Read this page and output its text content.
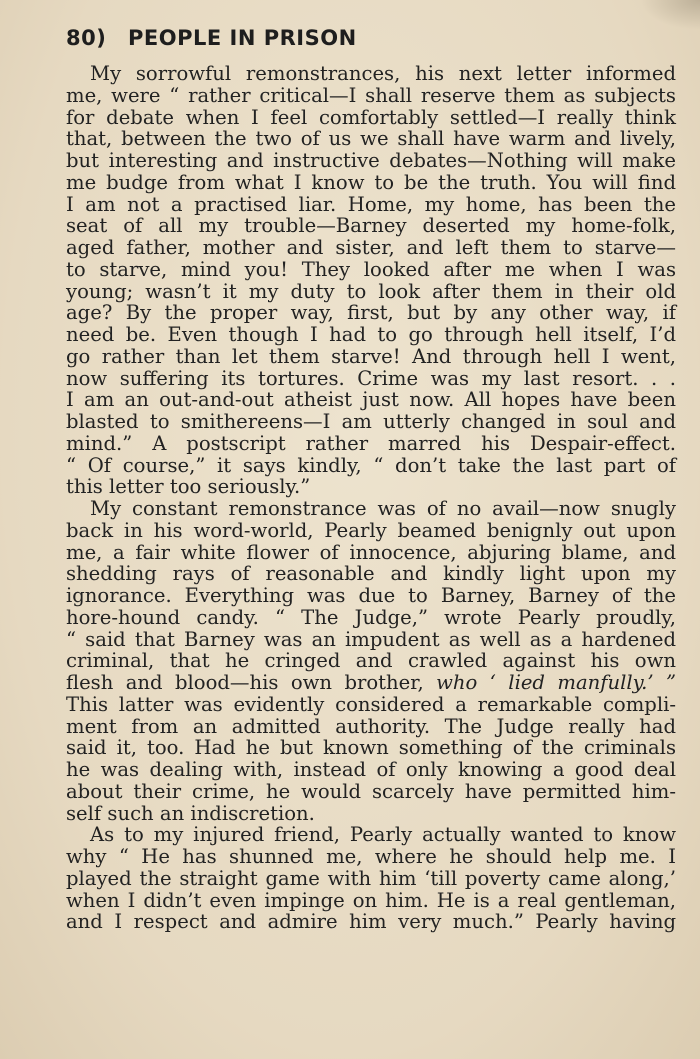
80) PEOPLE IN PRISON
My sorrowful remonstrances, his next letter informed
me, were “ rather critical—I shall reserve them as subjects
for debate when I feel comfortably settled—I really think
that, between the two of us we shall have warm and lively,
but interesting and instructive debates—Nothing will make
me budge from what I know to be the truth. You will find
I am not a practised liar. Home, my home, has been the
seat of all my trouble—Barney deserted my home-folk,
aged father, mother and sister, and left them to starve—
to starve, mind you! They looked after me when I was
young; wasn’t it my duty to look after them in their old
age? By the proper way, first, but by any other way, if
need be. Even though I had to go through hell itself, I’d
go rather than let them starve! And through hell I went,
now suffering its tortures. Crime was my last resort. . .
I am an out-and-out atheist just now. All hopes have been
blasted to smithereens—I am utterly changed in soul and
mind.” A postscript rather marred his Despair-effect.
“ Of course,” it says kindly, “ don’t take the last part of
this letter too seriously.”
My constant remonstrance was of no avail—now snugly
back in his word-world, Pearly beamed benignly out upon
me, a fair white flower of innocence, abjuring blame, and
shedding rays of reasonable and kindly light upon my
ignorance. Everything was due to Barney, Barney of the
hore-hound candy. “ The Judge,” wrote Pearly proudly,
“ said that Barney was an impudent as well as a hardened
criminal, that he cringed and crawled against his own
flesh and blood—his own brother, who ‘ lied manfully.’ ”
This latter was evidently considered a remarkable compli-
ment from an admitted authority. The Judge really had
said it, too. Had he but known something of the criminals
he was dealing with, instead of only knowing a good deal
about their crime, he would scarcely have permitted him-
self such an indiscretion.
As to my injured friend, Pearly actually wanted to know
why “ He has shunned me, where he should help me. I
played the straight game with him ‘till poverty came along,’
when I didn’t even impinge on him. He is a real gentleman,
and I respect and admire him very much.” Pearly having
